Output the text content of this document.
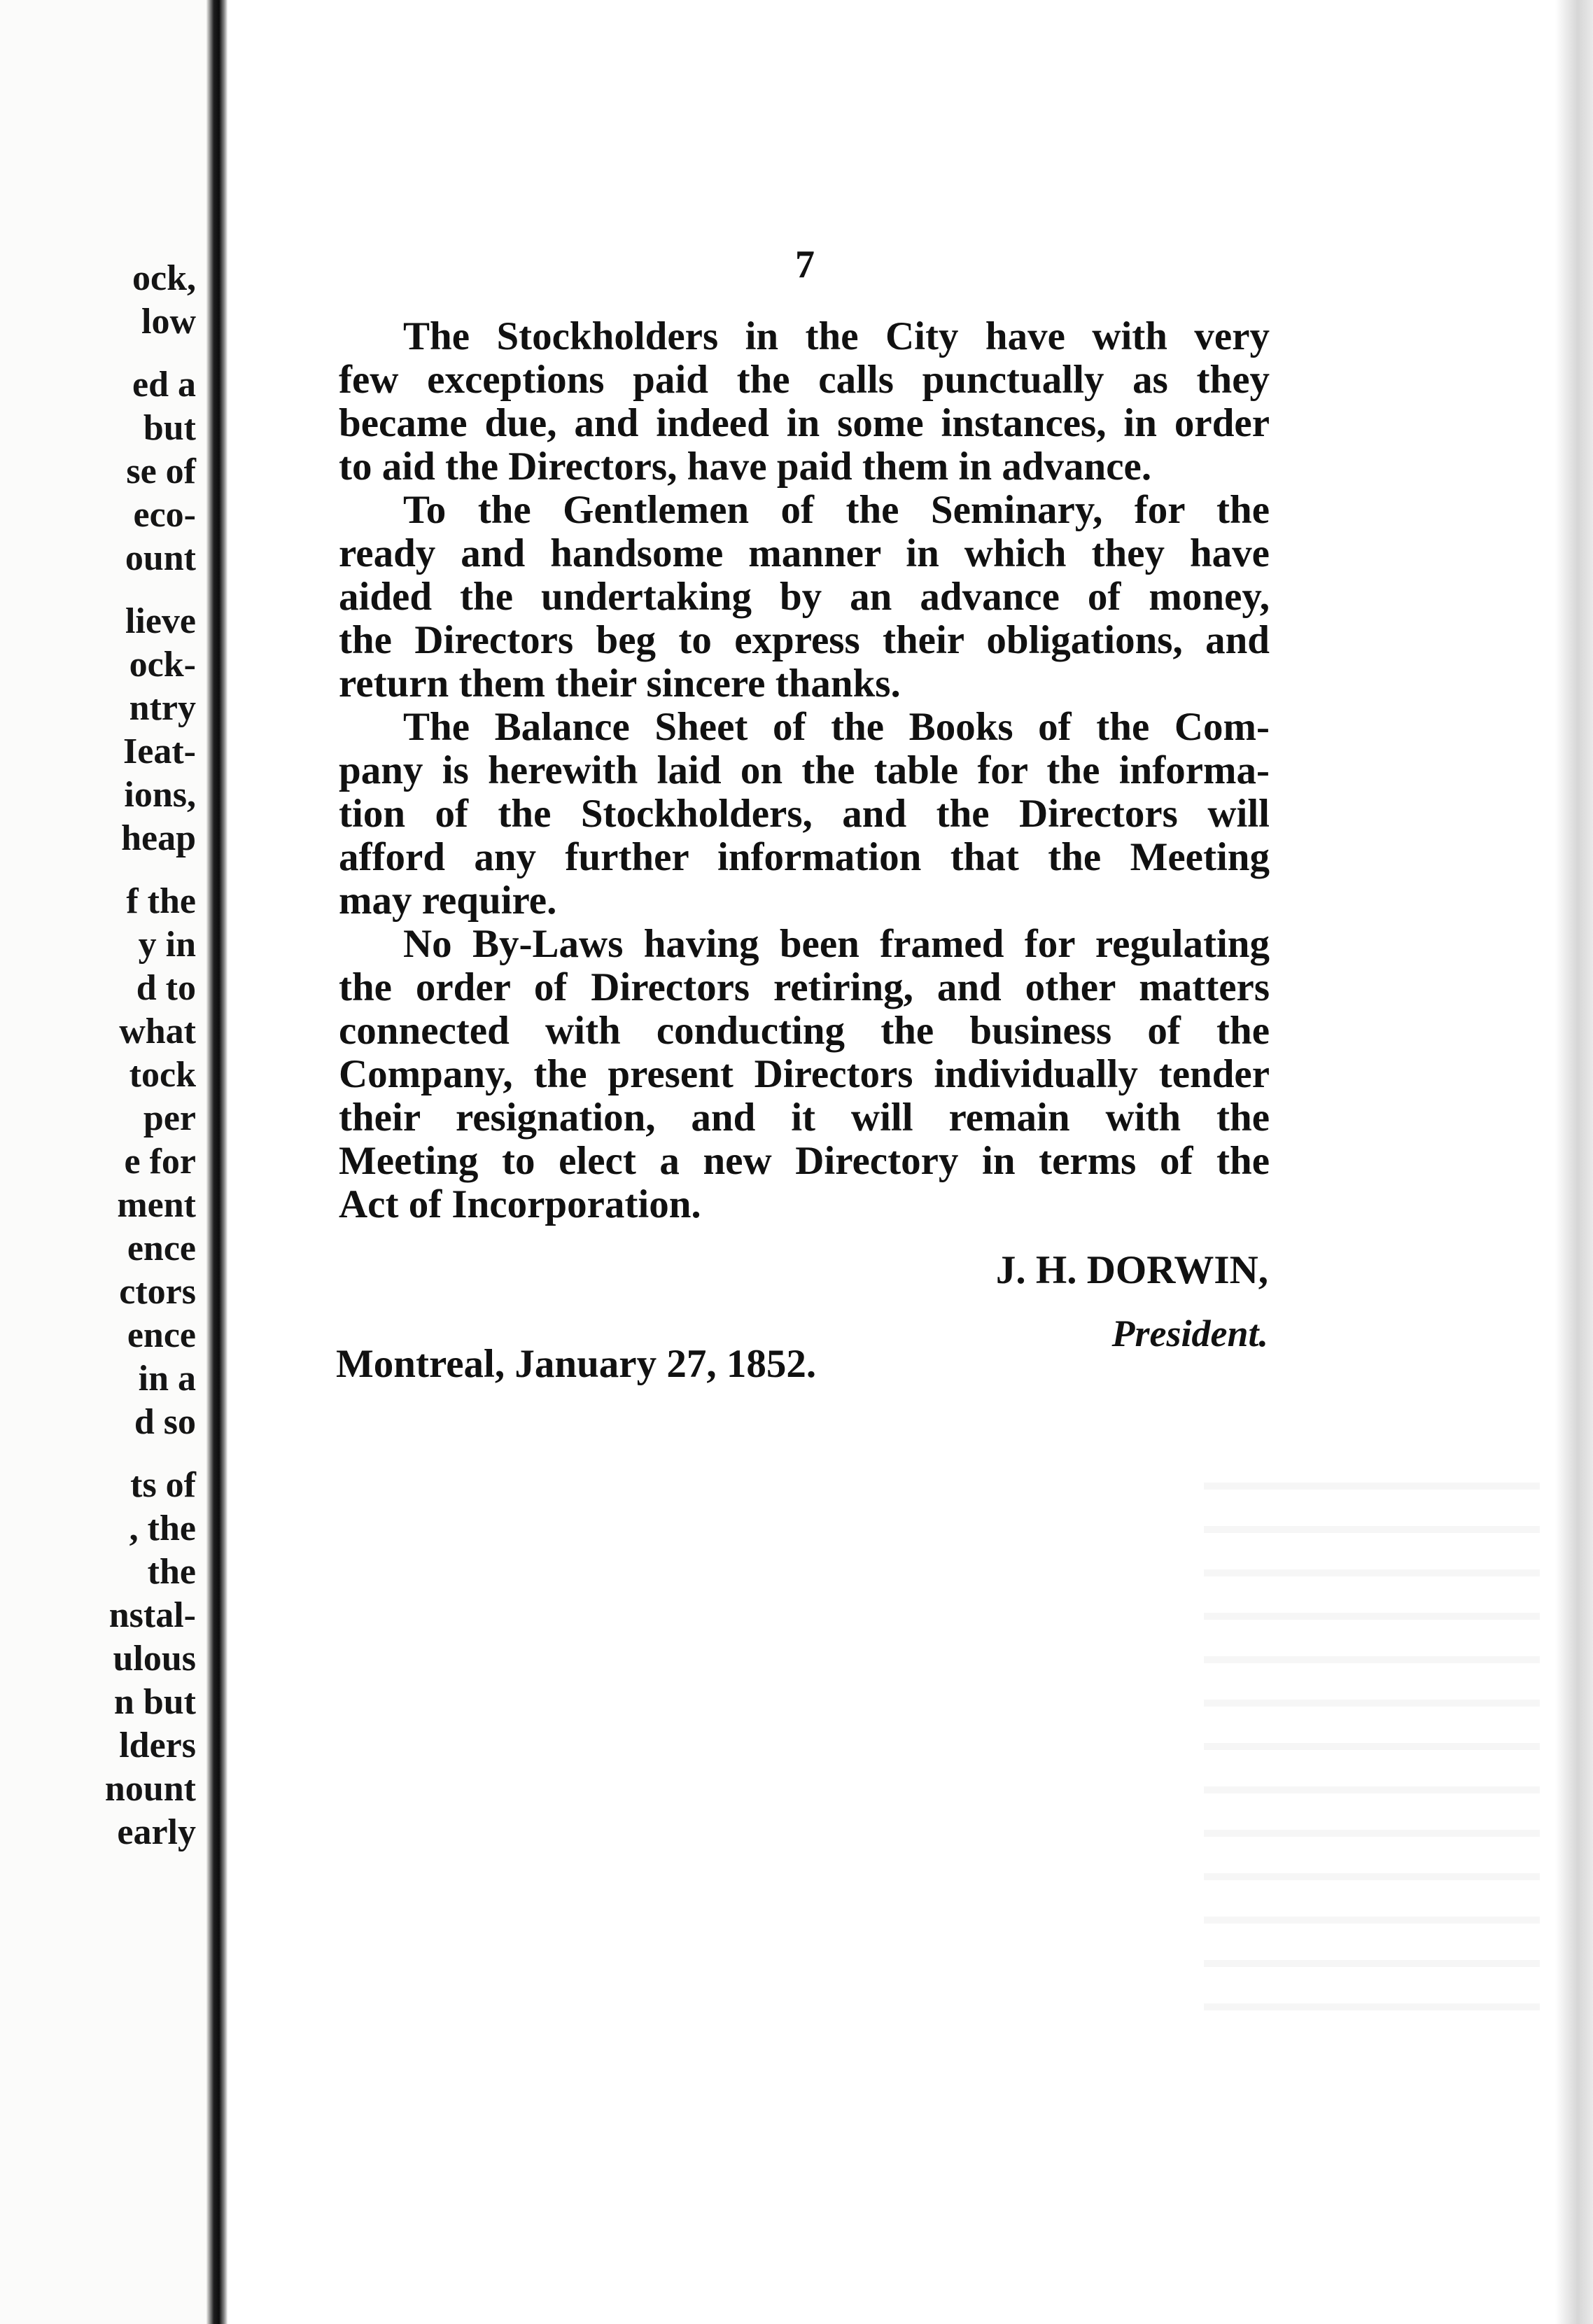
ock,
low
ed a
but
se of
eco-
ount
lieve
ock-
ntry
Ieat-
ions,
heap
f the
y in
d to
what
tock
per
e for
ment
ence
ctors
ence
in a
d so
ts of
, the
the
nstal-
ulous
n but
lders
nount
early
7
The Stockholders in the City have with very
few exceptions paid the calls punctually as they
became due, and indeed in some instances, in order
to aid the Directors, have paid them in advance.
To the Gentlemen of the Seminary, for the
ready and handsome manner in which they have
aided the undertaking by an advance of money,
the Directors beg to express their obligations, and
return them their sincere thanks.
The Balance Sheet of the Books of the Com-
pany is herewith laid on the table for the informa-
tion of the Stockholders, and the Directors will
afford any further information that the Meeting
may require.
No By-Laws having been framed for regulating
the order of Directors retiring, and other matters
connected with conducting the business of the
Company, the present Directors individually tender
their resignation, and it will remain with the
Meeting to elect a new Directory in terms of the
Act of Incorporation.
J. H. DORWIN,
President.
Montreal, January 27, 1852.
